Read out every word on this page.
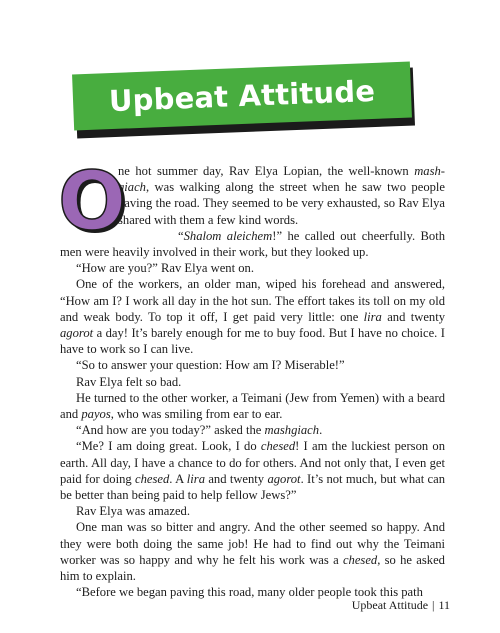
Upbeat Attitude

O
ne hot summer day, Rav Elya Lopian, the well-known mash-giach, was walking along the street when he saw two people paving the road. They seemed to be very exhausted, so Rav Elya shared with them a few kind words.

“Shalom aleichem!” he called out cheerfully. Both men were heavily involved in their work, but they looked up.

“How are you?” Rav Elya went on.

One of the workers, an older man, wiped his forehead and answered, “How am I? I work all day in the hot sun. The effort takes its toll on my old and weak body. To top it off, I get paid very little: one lira and twenty agorot a day! It’s barely enough for me to buy food. But I have no choice. I have to work so I can live.

“So to answer your question: How am I? Miserable!”

Rav Elya felt so bad.

He turned to the other worker, a Teimani (Jew from Yemen) with a beard and payos, who was smiling from ear to ear.

“And how are you today?” asked the mashgiach.

“Me? I am doing great. Look, I do chesed! I am the luckiest person on earth. All day, I have a chance to do for others. And not only that, I even get paid for doing chesed. A lira and twenty agorot. It’s not much, but what can be better than being paid to help fellow Jews?”

Rav Elya was amazed.

One man was so bitter and angry. And the other seemed so happy. And they were both doing the same job! He had to find out why the Teimani worker was so happy and why he felt his work was a chesed, so he asked him to explain.

“Before we began paving this road, many older people took this path

Upbeat Attitude | 11
